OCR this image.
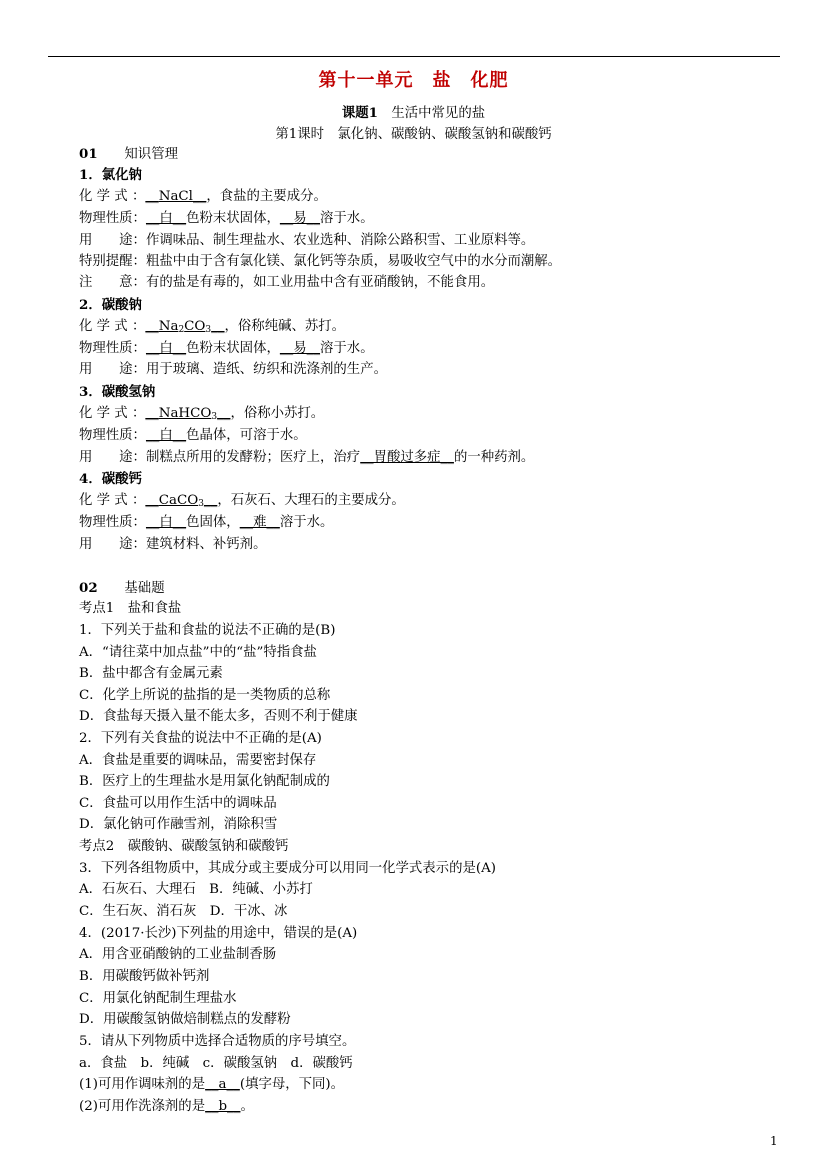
第十一单元　盐　化肥
课题1　 生活中常见的盐
第1课时　氯化钠、碳酸钠、碳酸氢钠和碳酸钙
01　　 知识管理
1．氯化钠
化 学 式 ：__NaCl__，食盐的主要成分。
物理性质：__白__色粉末状固体，__易__溶于水。
用　　途：作调味品、制生理盐水、农业选种、消除公路积雪、工业原料等。
特别提醒：粗盐中由于含有氯化镁、氯化钙等杂质，易吸收空气中的水分而潮解。
注　　意：有的盐是有毒的，如工业用盐中含有亚硝酸钠，不能食用。
2．碳酸钠
化 学 式 ：$\_\_Na_2CO_3\_\_$，俗称纯碱、苏打。
物理性质：__白__色粉末状固体，__易__溶于水。
用　　途：用于玻璃、造纸、纺织和洗涤剂的生产。
3．碳酸氢钠
化 学 式 ：__NaHCO$_3$__，俗称小苏打。
物理性质：__白__色晶体，可溶于水。
用　　途：制糕点所用的发酵粉；医疗上，治疗__胃酸过多症__的一种药剂。
4．碳酸钙
化 学 式 ：__CaCO$_3$__，石灰石、大理石的主要成分。
物理性质：__白__色固体，__难__溶于水。
用　　途：建筑材料、补钙剂。
02　　 基础题
考点1　盐和食盐
1．下列关于盐和食盐的说法不正确的是(B)
A．“请往菜中加点盐”中的“盐”特指食盐
B．盐中都含有金属元素
C．化学上所说的盐指的是一类物质的总称
D．食盐每天摄入量不能太多，否则不利于健康
2．下列有关食盐的说法中不正确的是(A)
A．食盐是重要的调味品，需要密封保存
B．医疗上的生理盐水是用氯化钠配制成的
C．食盐可以用作生活中的调味品
D．氯化钠可作融雪剂，消除积雪
考点2　碳酸钠、碳酸氢钠和碳酸钙
3．下列各组物质中，其成分或主要成分可以用同一化学式表示的是(A)
A．石灰石、大理石　B．纯碱、小苏打
C．生石灰、消石灰　D．干冰、冰
4．(2017·长沙)下列盐的用途中，错误的是(A)
A．用含亚硝酸钠的工业盐制香肠
B．用碳酸钙做补钙剂
C．用氯化钠配制生理盐水
D．用碳酸氢钠做焙制糕点的发酵粉
5．请从下列物质中选择合适物质的序号填空。
a．食盐　b．纯碱　c．碳酸氢钠　d．碳酸钙
(1)可用作调味剂的是__a__(填字母，下同)。
(2)可用作洗涤剂的是__b__。
1
